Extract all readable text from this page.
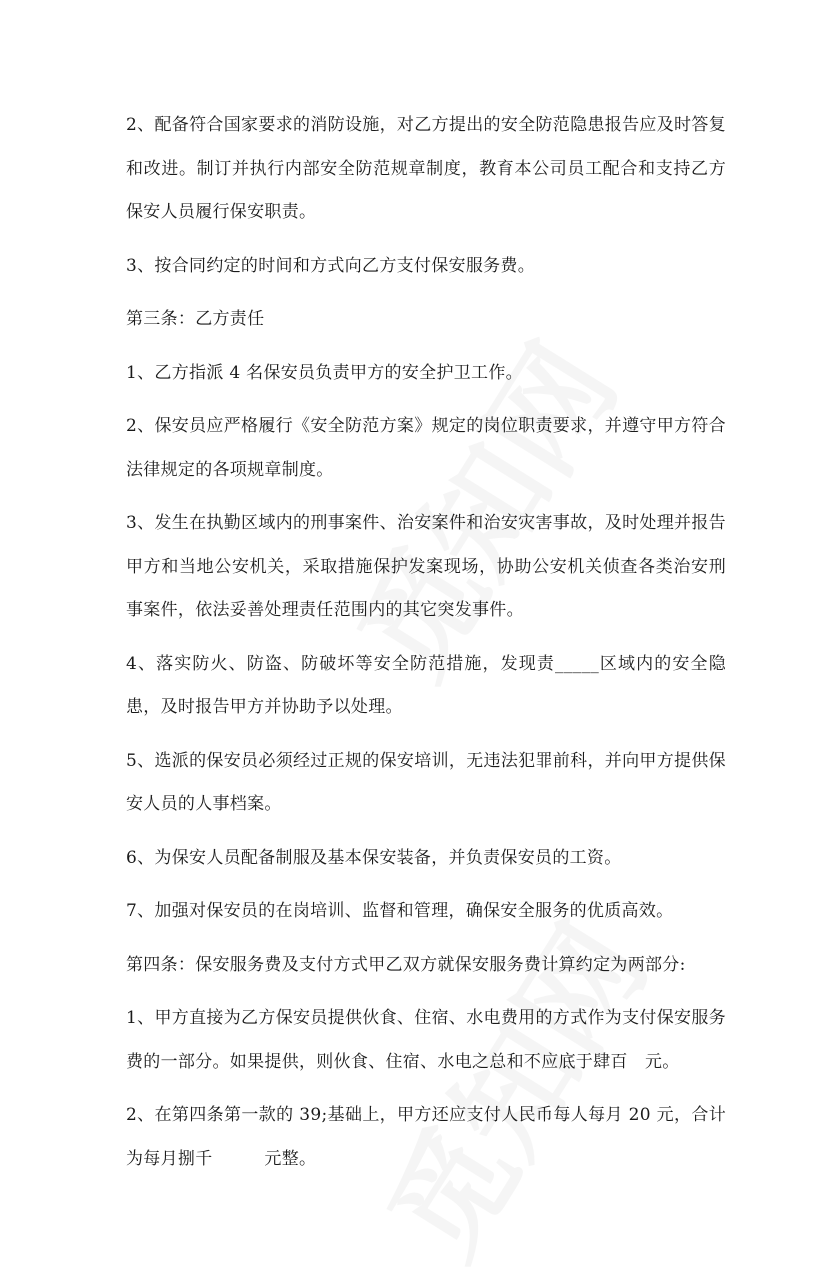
2、配备符合国家要求的消防设施，对乙方提出的安全防范隐患报告应及时答复和改进。制订并执行内部安全防范规章制度，教育本公司员工配合和支持乙方保安人员履行保安职责。

3、按合同约定的时间和方式向乙方支付保安服务费。

第三条：乙方责任

1、乙方指派 4 名保安员负责甲方的安全护卫工作。

2、保安员应严格履行《安全防范方案》规定的岗位职责要求，并遵守甲方符合法律规定的各项规章制度。

3、发生在执勤区域内的刑事案件、治安案件和治安灾害事故，及时处理并报告甲方和当地公安机关，采取措施保护发案现场，协助公安机关侦查各类治安刑事案件，依法妥善处理责任范围内的其它突发事件。

4、落实防火、防盗、防破坏等安全防范措施，发现责_____区域内的安全隐患，及时报告甲方并协助予以处理。

5、选派的保安员必须经过正规的保安培训，无违法犯罪前科，并向甲方提供保安人员的人事档案。

6、为保安人员配备制服及基本保安装备，并负责保安员的工资。

7、加强对保安员的在岗培训、监督和管理，确保安全服务的优质高效。

第四条：保安服务费及支付方式甲乙双方就保安服务费计算约定为两部分:

1、甲方直接为乙方保安员提供伙食、住宿、水电费用的方式作为支付保安服务费的一部分。如果提供，则伙食、住宿、水电之总和不应底于肆百　元。

2、在第四条第一款的 39;基础上，甲方还应支付人民币每人每月 20 元，合计为每月捌千　　　元整。
